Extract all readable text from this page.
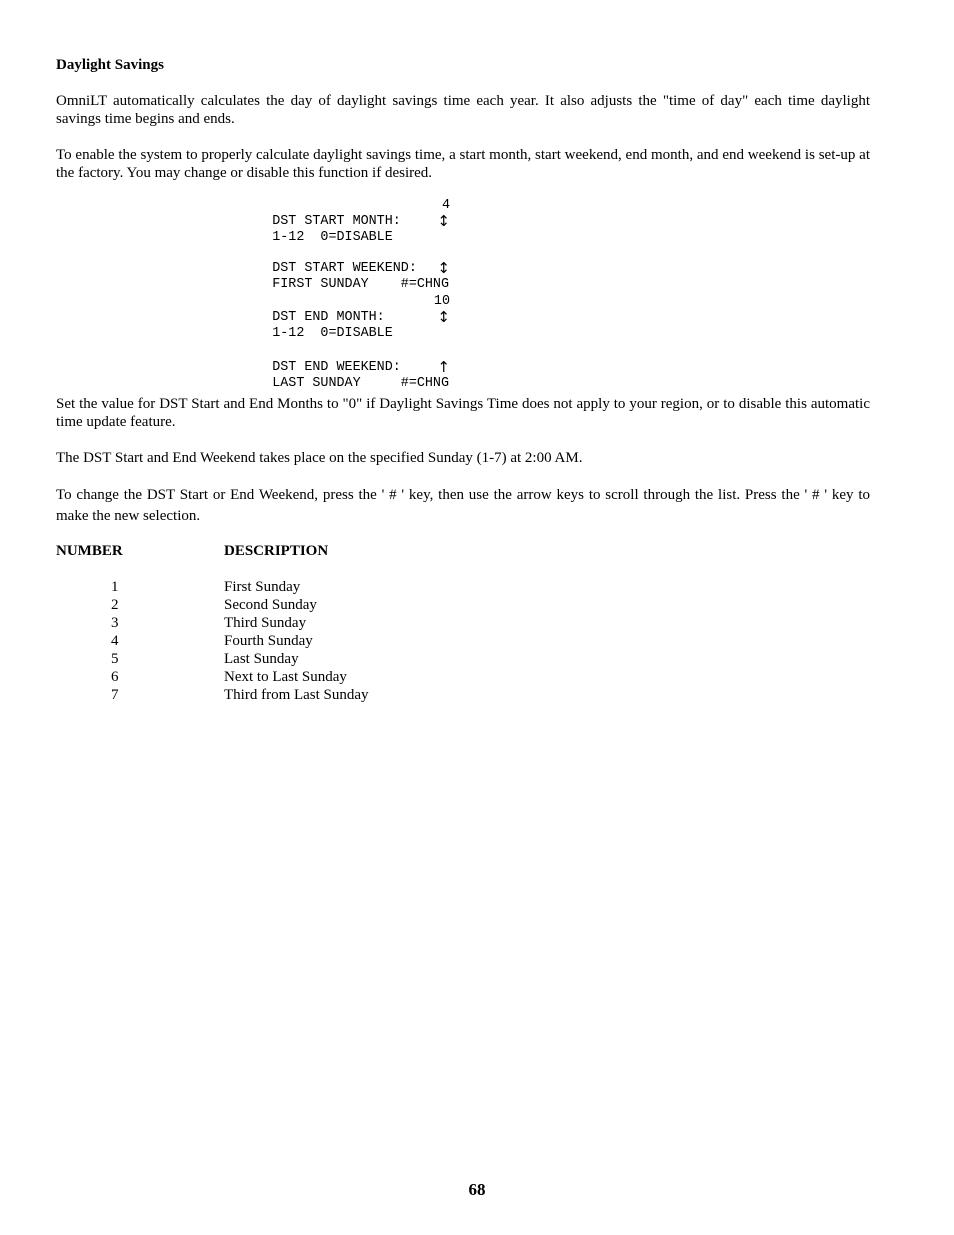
Daylight Savings

OmniLT automatically calculates the day of daylight savings time each year. It also adjusts the "time of day" each time daylight savings time begins and ends.

To enable the system to properly calculate daylight savings time, a start month, start weekend, end month, and end weekend is set-up at the factory. You may change or disable this function if desired.

DST START MONTH:

4

1-12  0=DISABLE

↕

DST START WEEKEND:

FIRST SUNDAY    #=CHNG

↕

DST END MONTH:

10

1-12  0=DISABLE

↕

DST END WEEKEND:

LAST SUNDAY     #=CHNG

↑

Set the value for DST Start and End Months to "0" if Daylight Savings Time does not apply to your region, or to disable this automatic time update feature.

The DST Start and End Weekend takes place on the specified Sunday (1-7) at 2:00 AM.

To change the DST Start or End Weekend, press the ' # ' key, then use the arrow keys to scroll through the list. Press the ' # ' key to make the new selection.

NUMBER	DESCRIPTION
1	First Sunday
2	Second Sunday
3	Third Sunday
4	Fourth Sunday
5	Last Sunday
6	Next to Last Sunday
7	Third from Last Sunday
68
